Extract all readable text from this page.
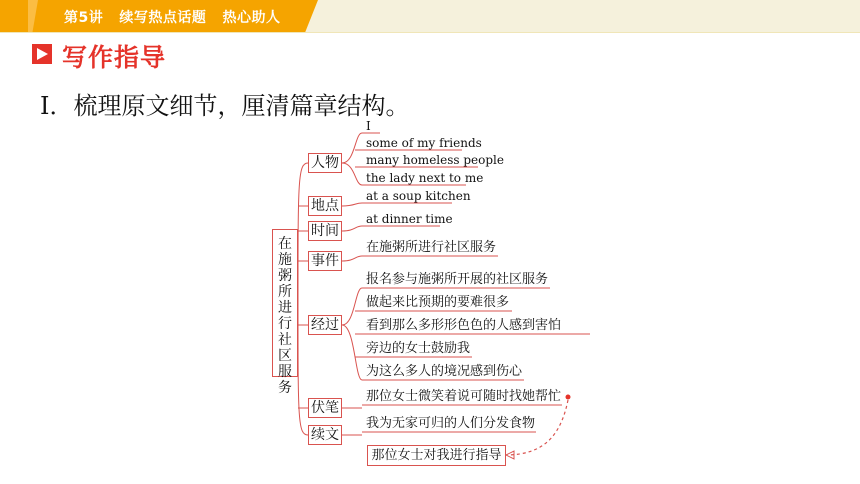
第5讲   续写热点话题   热心助人
写作指导
Ⅰ．梳理原文细节，厘清篇章结构。
在
施
粥
所
进
行
社
区
服
务
人物
地点
时间
事件
经过
伏笔
续文
I
some of my friends
many homeless people
the lady next to me
at a soup kitchen
at dinner time
在施粥所进行社区服务
报名参与施粥所开展的社区服务
做起来比预期的要难很多
看到那么多形形色色的人感到害怕
旁边的女士鼓励我
为这么多人的境况感到伤心
那位女士微笑着说可随时找她帮忙
我为无家可归的人们分发食物
那位女士对我进行指导
